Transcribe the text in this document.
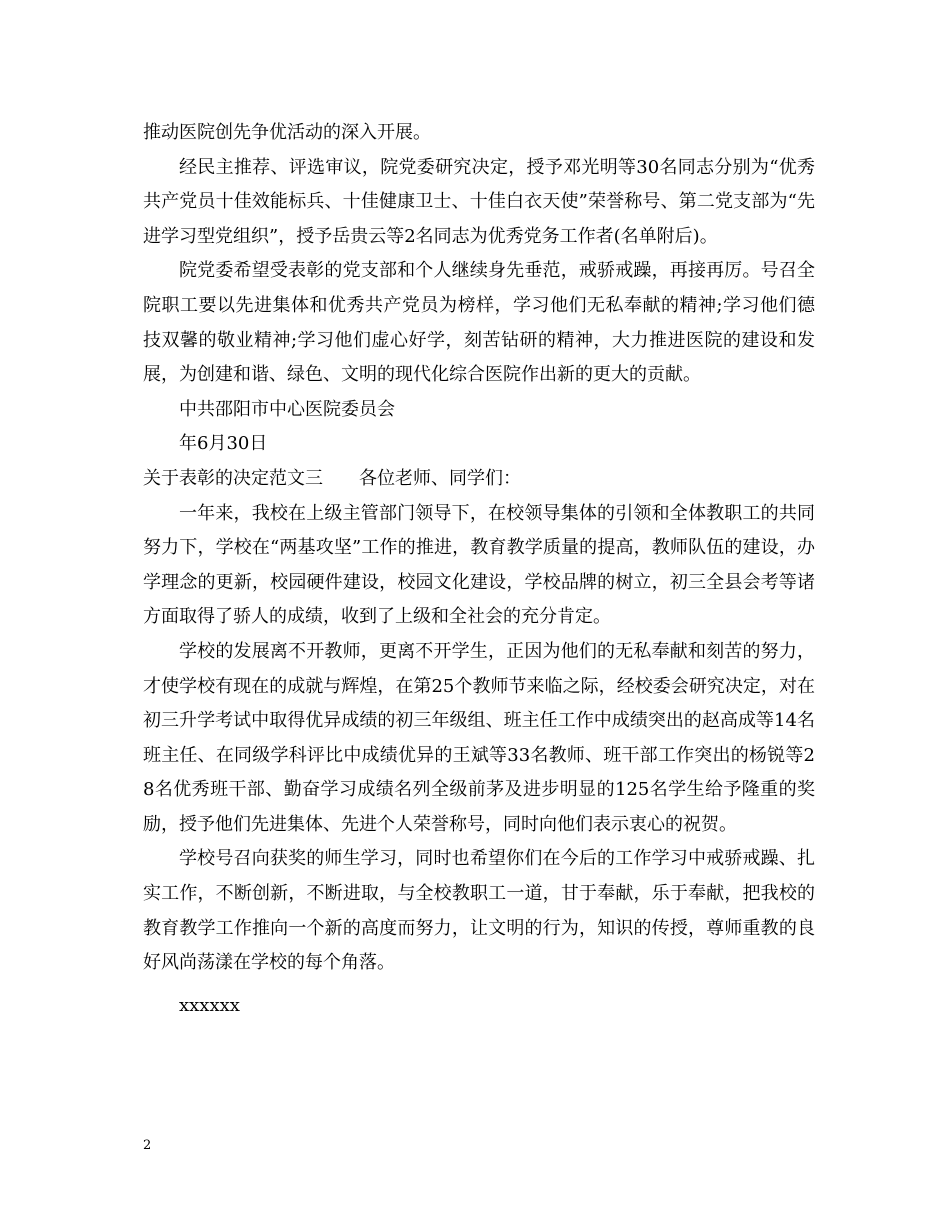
推动医院创先争优活动的深入开展。

经民主推荐、评选审议，院党委研究决定，授予邓光明等30名同志分别为“优秀共产党员十佳效能标兵、十佳健康卫士、十佳白衣天使”荣誉称号、第二党支部为“先进学习型党组织”，授予岳贵云等2名同志为优秀党务工作者(名单附后)。

院党委希望受表彰的党支部和个人继续身先垂范，戒骄戒躁，再接再厉。号召全院职工要以先进集体和优秀共产党员为榜样，学习他们无私奉献的精神;学习他们德技双馨的敬业精神;学习他们虚心好学，刻苦钻研的精神，大力推进医院的建设和发展，为创建和谐、绿色、文明的现代化综合医院作出新的更大的贡献。

中共邵阳市中心医院委员会

年6月30日

关于表彰的决定范文三 各位老师、同学们：

一年来，我校在上级主管部门领导下，在校领导集体的引领和全体教职工的共同努力下，学校在“两基攻坚”工作的推进，教育教学质量的提高，教师队伍的建设，办学理念的更新，校园硬件建设，校园文化建设，学校品牌的树立，初三全县会考等诸方面取得了骄人的成绩，收到了上级和全社会的充分肯定。

学校的发展离不开教师，更离不开学生，正因为他们的无私奉献和刻苦的努力，才使学校有现在的成就与辉煌，在第25个教师节来临之际，经校委会研究决定，对在初三升学考试中取得优异成绩的初三年级组、班主任工作中成绩突出的赵高成等14名班主任、在同级学科评比中成绩优异的王斌等33名教师、班干部工作突出的杨锐等28名优秀班干部、勤奋学习成绩名列全级前茅及进步明显的125名学生给予隆重的奖励，授予他们先进集体、先进个人荣誉称号，同时向他们表示衷心的祝贺。

学校号召向获奖的师生学习，同时也希望你们在今后的工作学习中戒骄戒躁、扎实工作，不断创新，不断进取，与全校教职工一道，甘于奉献，乐于奉献，把我校的教育教学工作推向一个新的高度而努力，让文明的行为，知识的传授，尊师重教的良好风尚荡漾在学校的每个角落。

xxxxxx

2
